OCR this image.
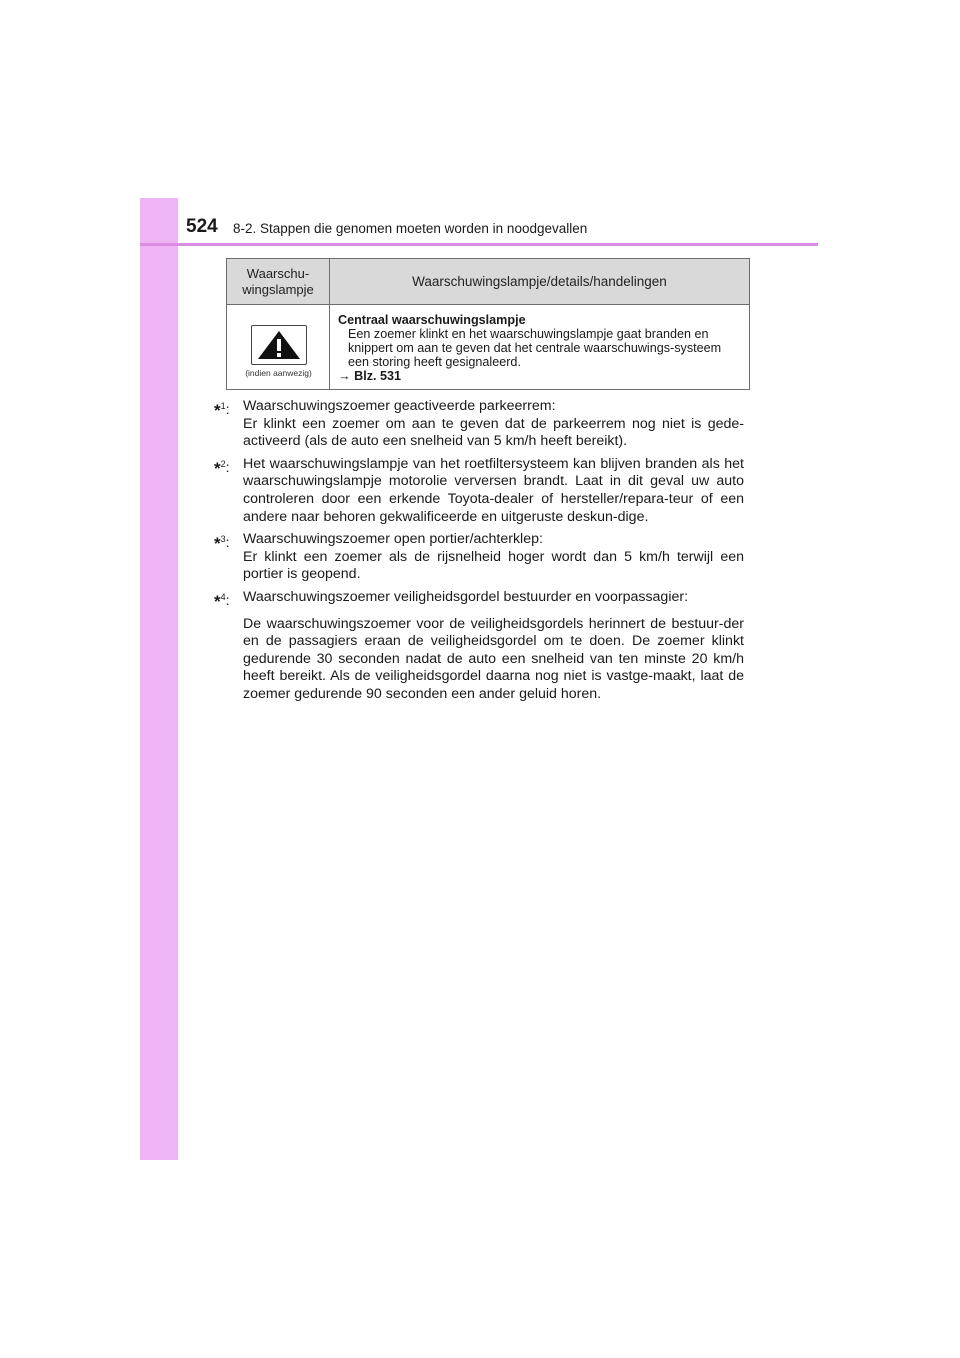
524 8-2. Stappen die genomen moeten worden in noodgevallen
Waarschu-
wingslampje	Waarschuwingslampje/details/handelingen
(indien aanwezig)
Centraal waarschuwingslampje
Een zoemer klinkt en het waarschuwingslampje gaat branden en knippert om aan te geven dat het centrale waarschuwings-systeem een storing heeft gesignaleerd.
→ Blz. 531
*$^1$: Waarschuwingszoemer geactiveerde parkeerrem:
Er klinkt een zoemer om aan te geven dat de parkeerrem nog niet is gede-activeerd (als de auto een snelheid van 5 km/h heeft bereikt).
*$^2$: Het waarschuwingslampje van het roetfiltersysteem kan blijven branden als het waarschuwingslampje motorolie verversen brandt. Laat in dit geval uw auto controleren door een erkende Toyota-dealer of hersteller/repara-teur of een andere naar behoren gekwalificeerde en uitgeruste deskun-dige.
*$^3$: Waarschuwingszoemer open portier/achterklep:
Er klinkt een zoemer als de rijsnelheid hoger wordt dan 5 km/h terwijl een portier is geopend.
*$^4$: Waarschuwingszoemer veiligheidsgordel bestuurder en voorpassagier:

De waarschuwingszoemer voor de veiligheidsgordels herinnert de bestuur-der en de passagiers eraan de veiligheidsgordel om te doen. De zoemer klinkt gedurende 30 seconden nadat de auto een snelheid van ten minste 20 km/h heeft bereikt. Als de veiligheidsgordel daarna nog niet is vastge-maakt, laat de zoemer gedurende 90 seconden een ander geluid horen.
